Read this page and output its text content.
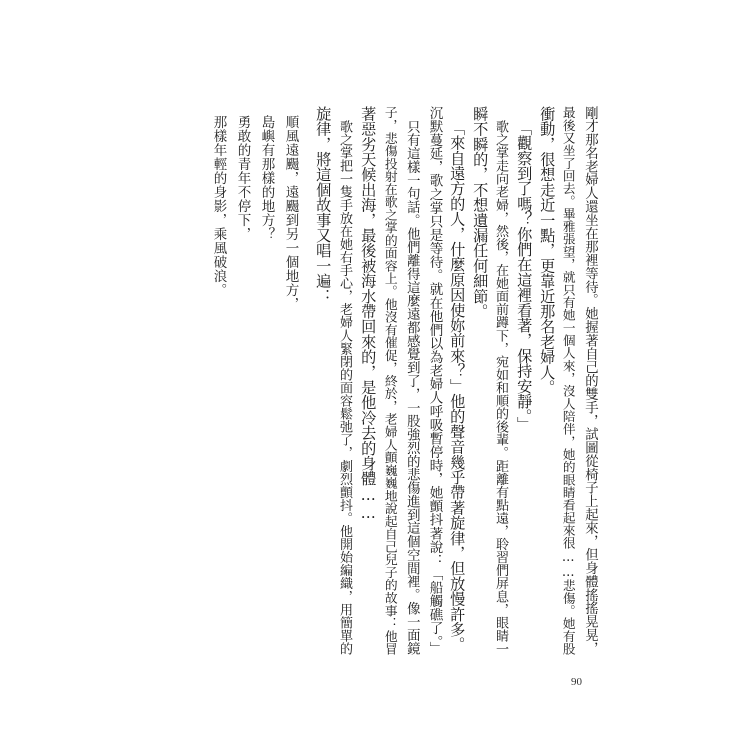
剛才那名老婦人還坐在那裡等待。她握著自己的雙手，試圖從椅子上起來，但身體搖搖晃晃，
最後又坐了回去。畢雅張望，就只有她一個人來，沒人陪伴，她的眼睛看起來很……悲傷。她有股
衝動，很想走近一點，更靠近那名老婦人。
「觀察到了嗎？你們在這裡看著，保持安靜。」
歌之掌走向老婦，然後，在她面前蹲下，宛如和順的後輩。距離有點遠，聆習們屏息，眼睛一
瞬不瞬的，不想遺漏任何細節。
「來自遠方的人，什麼原因使妳前來？」他的聲音幾乎帶著旋律，但放慢許多。
沉默蔓延，歌之掌只是等待。就在他們以為老婦人呼吸暫停時，她顫抖著說：「船觸礁了。」
只有這樣一句話。他們離得這麼遠都感覺到了，一股強烈的悲傷進到這個空間裡。像一面鏡
子，悲傷投射在歌之掌的面容上。他沒有催促，終於，老婦人顫巍巍地說起自己兒子的故事：他冒
著惡劣天候出海，最後被海水帶回來的，是他冷去的身體……
歌之掌把一隻手放在她右手心，老婦人緊閉的面容鬆弛了，劇烈顫抖。他開始編織，用簡單的
旋律，將這個故事又唱一遍：
順風遠颺，遠颺到另一個地方，
島嶼有那樣的地方？
勇敢的青年不停下，
那樣年輕的身影，乘風破浪。
90
